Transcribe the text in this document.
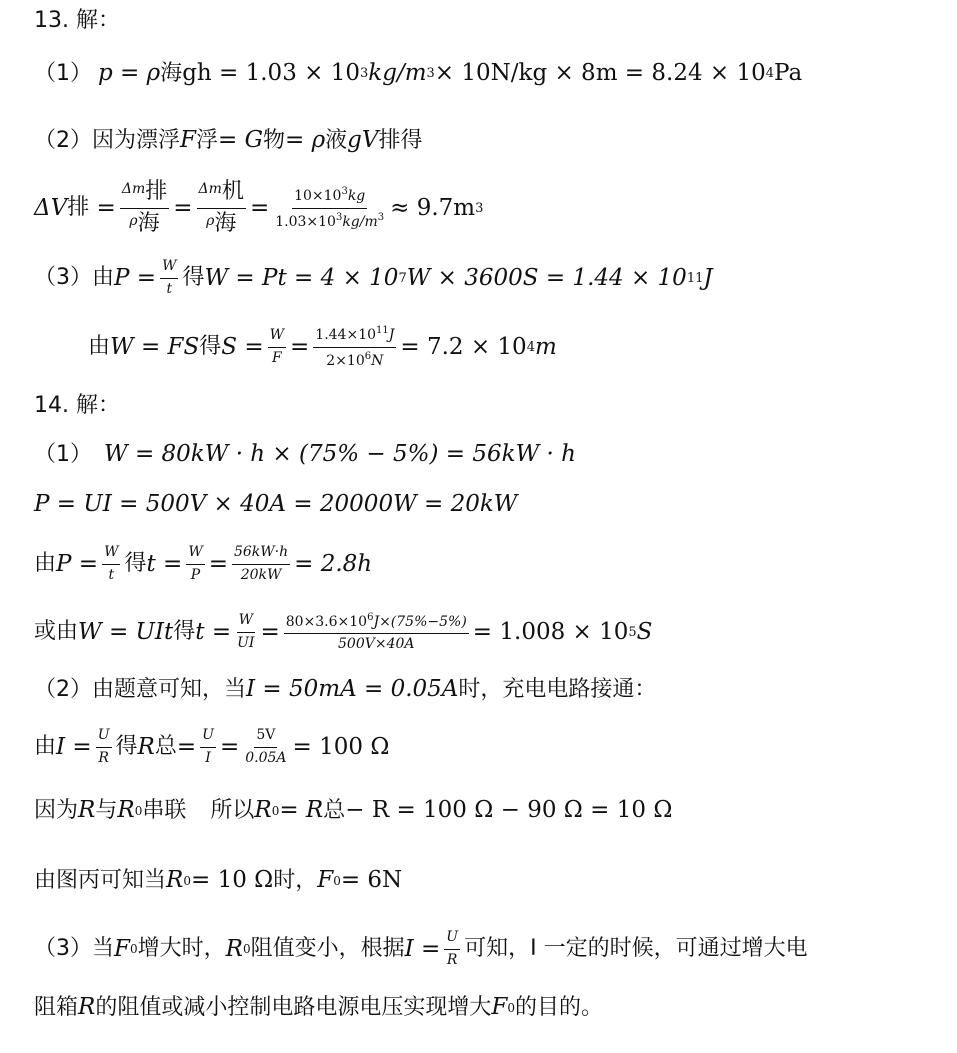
13. 解：
（1） p = ρ 海 gh = 1.03 × 10 3 kg/m 3 × 10N/kg × 8m = 8.24 × 10 4 Pa
（2） 因为漂浮 F 浮 = G 物 = ρ 液 gV 排 得
ΔV 排 = $\frac{\Delta m_排}{\rho_海} = \frac{\Delta m_机}{\rho_海} = \frac{10\times 10^3kg}{1.03\times 10^3kg/m^3} \approx 9.7m$ 3
（3） 由 $P = \frac{W}{t}$ 得 W = Pt = 4 × 10 7 W × 3600S = 1.44 × 10 11 J
由 W = FS 得 $S = \frac{W}{F} = \frac{1.44\times 10^{11}J}{2\times 10^6N} = 7.2 \times 10$ 4 m
14. 解：
（1） W = 80kW · h × (75% − 5%) = 56kW · h
P = UI = 500V × 40A = 20000W = 20kW
由 $P = \frac{W}{t}$ 得 $t = \frac{W}{P} = \frac{56kW\cdot h}{20kW} = 2.8h$
或由 W = UIt 得 $t = \frac{W}{UI} = \frac{80\times 3.6\times 10^6J\times(75\%-5\%)}{500V\times 40A} = 1.008 \times 10$ 5 S
（2） 由题意可知，当 I = 50mA = 0.05A 时，充电电路接通：
由 $I = \frac{U}{R}$ 得 R 总 = $\frac{U}{I} = \frac{5V}{0.05A} = 100$ Ω
因为 R 与 R 0 串联 所以 R 0 = R 总 − R = 100 Ω − 90 Ω = 10 Ω
由图丙可知当 R 0 = 10 Ω 时， F 0 = 6N
（3） 当 F 0 增大时， R 0 阻值变小，根据 $I = \frac{U}{R}$ 可知，Ι 一定的时候，可通过增大电
阻箱 R 的阻值或减小控制电路电源电压实现增大 F 0 的目的。
